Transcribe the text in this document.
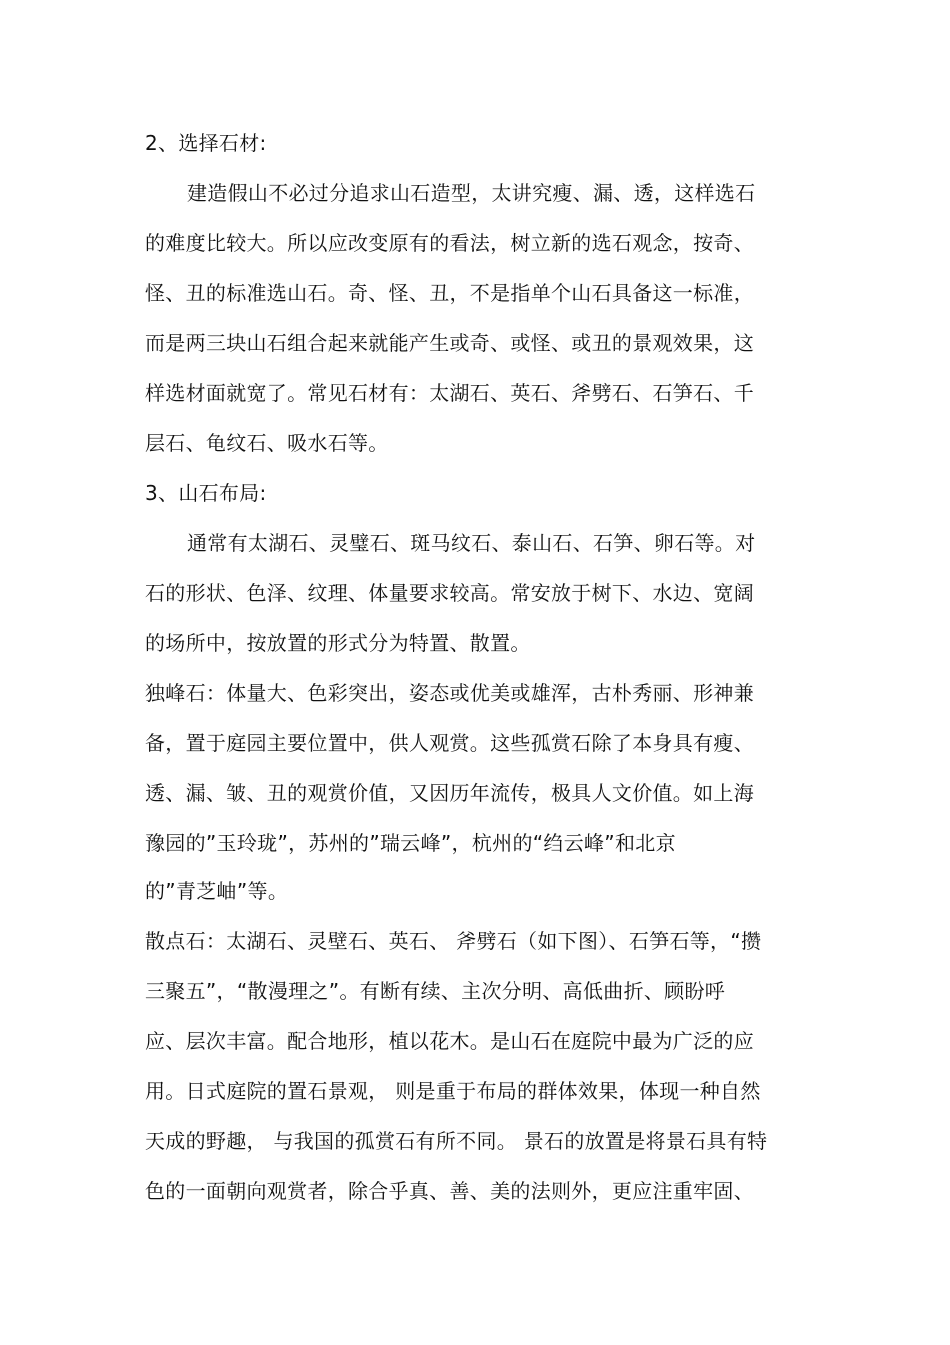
2、选择石材:
建造假山不必过分追求山石造型，太讲究瘦、漏、透，这样选石
的难度比较大。所以应改变原有的看法，树立新的选石观念，按奇、
怪、丑的标准选山石。奇、怪、丑，不是指单个山石具备这一标准，
而是两三块山石组合起来就能产生或奇、或怪、或丑的景观效果，这
样选材面就宽了。常见石材有：太湖石、英石、斧劈石、石笋石、千
层石、龟纹石、吸水石等。
3、山石布局:
通常有太湖石、灵璧石、斑马纹石、泰山石、石笋、卵石等。对
石的形状、色泽、纹理、体量要求较高。常安放于树下、水边、宽阔
的场所中，按放置的形式分为特置、散置。
独峰石：体量大、色彩突出，姿态或优美或雄浑，古朴秀丽、形神兼
备，置于庭园主要位置中，供人观赏。这些孤赏石除了本身具有瘦、
透、漏、皱、丑的观赏价值，又因历年流传，极具人文价值。如上海
豫园的”玉玲珑”，苏州的”瑞云峰”，杭州的“绉云峰”和北京
的”青芝岫”等。
散点石：太湖石、灵壁石、英石、 斧劈石（如下图）、石笋石等，“攒
三聚五”，“散漫理之”。有断有续、主次分明、高低曲折、顾盼呼
应、层次丰富。配合地形，植以花木。是山石在庭院中最为广泛的应
用。日式庭院的置石景观， 则是重于布局的群体效果，体现一种自然
天成的野趣， 与我国的孤赏石有所不同。 景石的放置是将景石具有特
色的一面朝向观赏者，除合乎真、善、美的法则外，更应注重牢固、
